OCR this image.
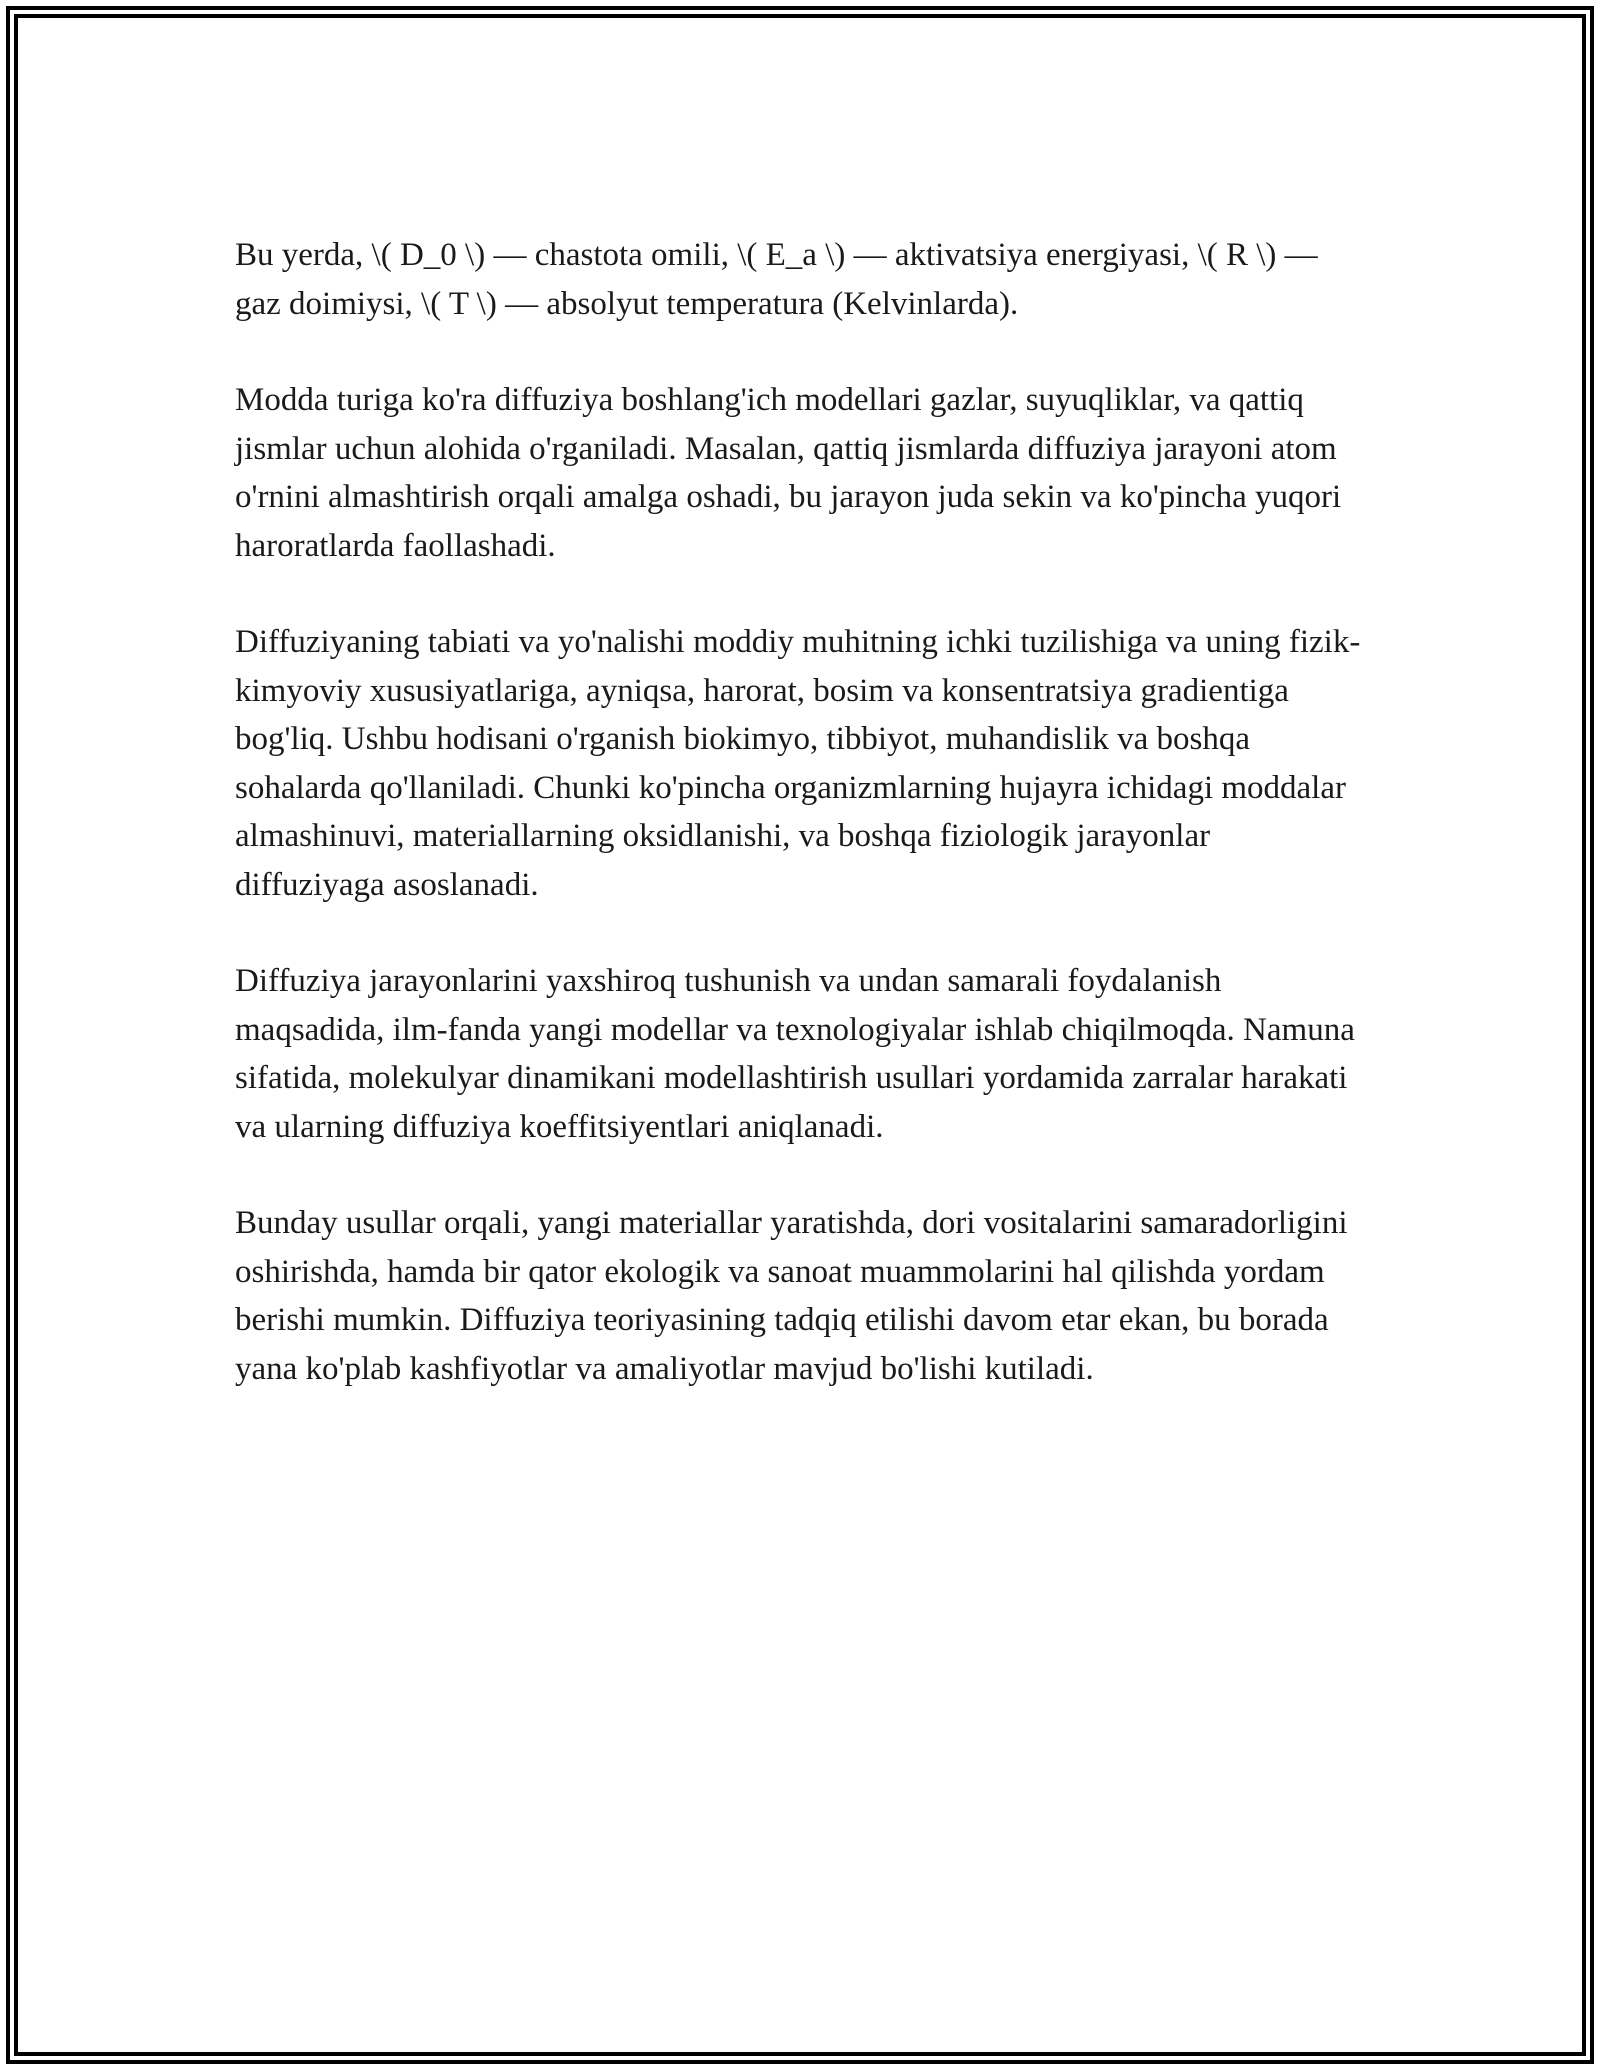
Bu yerda, \( D_0 \) — chastota omili, \( E_a \) — aktivatsiya energiyasi, \( R \) — gaz doimiysi, \( T \) — absolyut temperatura (Kelvinlarda).

Modda turiga ko'ra diffuziya boshlang'ich modellari gazlar, suyuqliklar, va qattiq jismlar uchun alohida o'rganiladi. Masalan, qattiq jismlarda diffuziya jarayoni atom o'rnini almashtirish orqali amalga oshadi, bu jarayon juda sekin va ko'pincha yuqori haroratlarda faollashadi.

Diffuziyaning tabiati va yo'nalishi moddiy muhitning ichki tuzilishiga va uning fizik-kimyoviy xususiyatlariga, ayniqsa, harorat, bosim va konsentratsiya gradientiga bog'liq. Ushbu hodisani o'rganish biokimyo, tibbiyot, muhandislik va boshqa sohalarda qo'llaniladi. Chunki ko'pincha organizmlarning hujayra ichidagi moddalar almashinuvi, materiallarning oksidlanishi, va boshqa fiziologik jarayonlar diffuziyaga asoslanadi.

Diffuziya jarayonlarini yaxshiroq tushunish va undan samarali foydalanish maqsadida, ilm-fanda yangi modellar va texnologiyalar ishlab chiqilmoqda. Namuna sifatida, molekulyar dinamikani modellashtirish usullari yordamida zarralar harakati va ularning diffuziya koeffitsiyentlari aniqlanadi.

Bunday usullar orqali, yangi materiallar yaratishda, dori vositalarini samaradorligini oshirishda, hamda bir qator ekologik va sanoat muammolarini hal qilishda yordam berishi mumkin. Diffuziya teoriyasining tadqiq etilishi davom etar ekan, bu borada yana ko'plab kashfiyotlar va amaliyotlar mavjud bo'lishi kutiladi.
